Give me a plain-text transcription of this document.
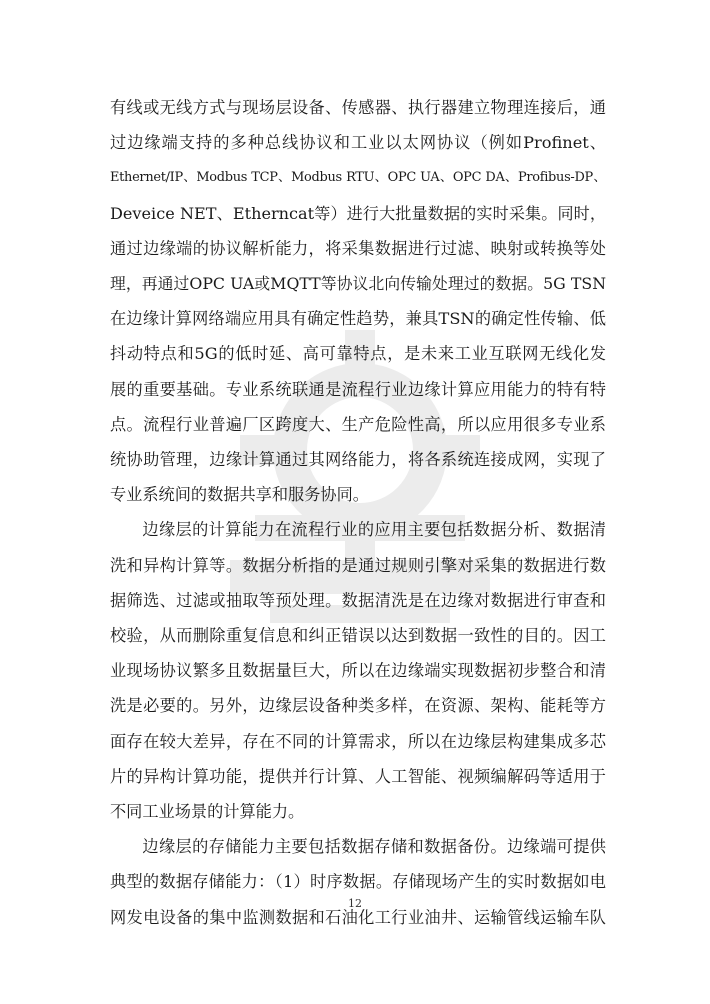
有线或无线方式与现场层设备、传感器、执行器建立物理连接后，通
过边缘端支持的多种总线协议和工业以太网协议（例如Profinet、
Ethernet/IP、Modbus TCP、Modbus RTU、OPC UA、OPC DA、Profibus-DP、
Deveice NET、Etherncat等）进行大批量数据的实时采集。同时，
通过边缘端的协议解析能力，将采集数据进行过滤、映射或转换等处
理，再通过OPC UA或MQTT等协议北向传输处理过的数据。5G TSN
在边缘计算网络端应用具有确定性趋势，兼具TSN的确定性传输、低
抖动特点和5G的低时延、高可靠特点，是未来工业互联网无线化发
展的重要基础。专业系统联通是流程行业边缘计算应用能力的特有特
点。流程行业普遍厂区跨度大、生产危险性高，所以应用很多专业系
统协助管理，边缘计算通过其网络能力，将各系统连接成网，实现了
专业系统间的数据共享和服务协同。

边缘层的计算能力在流程行业的应用主要包括数据分析、数据清
洗和异构计算等。数据分析指的是通过规则引擎对采集的数据进行数
据筛选、过滤或抽取等预处理。数据清洗是在边缘对数据进行审查和
校验，从而删除重复信息和纠正错误以达到数据一致性的目的。因工
业现场协议繁多且数据量巨大，所以在边缘端实现数据初步整合和清
洗是必要的。另外，边缘层设备种类多样，在资源、架构、能耗等方
面存在较大差异，存在不同的计算需求，所以在边缘层构建集成多芯
片的异构计算功能，提供并行计算、人工智能、视频编解码等适用于
不同工业场景的计算能力。

边缘层的存储能力主要包括数据存储和数据备份。边缘端可提供
典型的数据存储能力：（1）时序数据。存储现场产生的实时数据如电
网发电设备的集中监测数据和石油化工行业油井、运输管线运输车队

12
